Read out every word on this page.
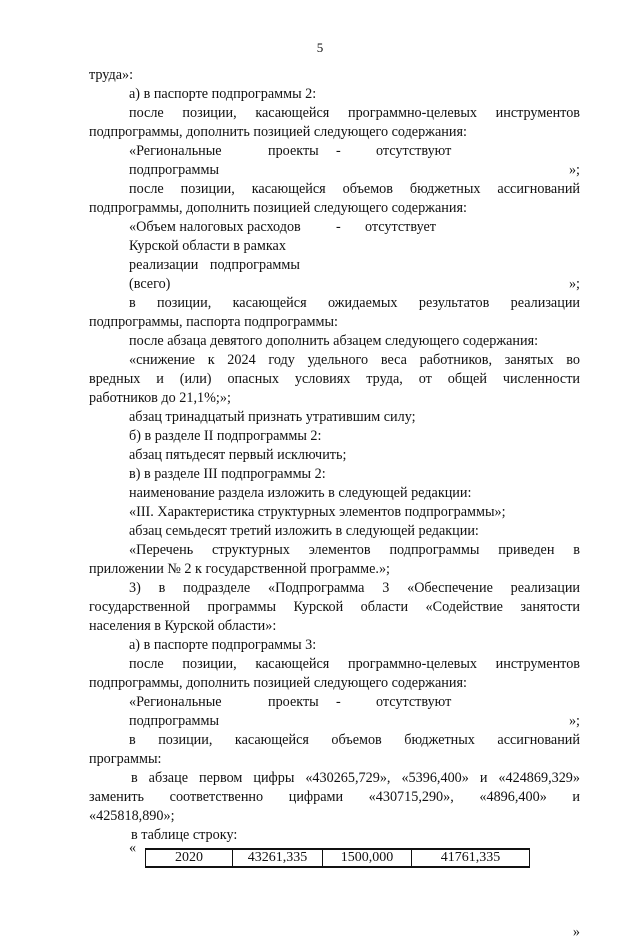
5
труда»:
а) в паспорте подпрограммы 2:
после позиции, касающейся программно-целевых инструментов
подпрограммы, дополнить позицией следующего содержания:
«Региональные	проекты	-	отсутствуют
подпрограммы	»;
после позиции, касающейся объемов бюджетных ассигнований
подпрограммы, дополнить позицией следующего содержания:
«Объем налоговых расходов	-	отсутствует
Курской области в рамках
реализации подпрограммы
(всего)	»;
в позиции, касающейся ожидаемых результатов реализации
подпрограммы, паспорта подпрограммы:
после абзаца девятого дополнить абзацем следующего содержания:
«снижение к 2024 году удельного веса работников, занятых во
вредных и (или) опасных условиях труда, от общей численности
работников до 21,1%;»;
абзац тринадцатый признать утратившим силу;
б) в разделе II подпрограммы 2:
абзац пятьдесят первый исключить;
в) в разделе III подпрограммы 2:
наименование раздела изложить в следующей редакции:
«III. Характеристика структурных элементов подпрограммы»;
абзац семьдесят третий изложить в следующей редакции:
«Перечень структурных элементов подпрограммы приведен в
приложении № 2 к государственной программе.»;
3) в подразделе «Подпрограмма 3 «Обеспечение реализации
государственной программы Курской области «Содействие занятости
населения в Курской области»:
а) в паспорте подпрограммы 3:
после позиции, касающейся программно-целевых инструментов
подпрограммы, дополнить позицией следующего содержания:
«Региональные	проекты	-	отсутствуют
подпрограммы	»;
в позиции, касающейся объемов бюджетных ассигнований
программы:
в абзаце первом цифры «430265,729», «5396,400» и «424869,329»
заменить соответственно цифрами «430715,290», «4896,400» и
«425818,890»;
в таблице строку:
«
2020	43261,335	1500,000	41761,335
»
